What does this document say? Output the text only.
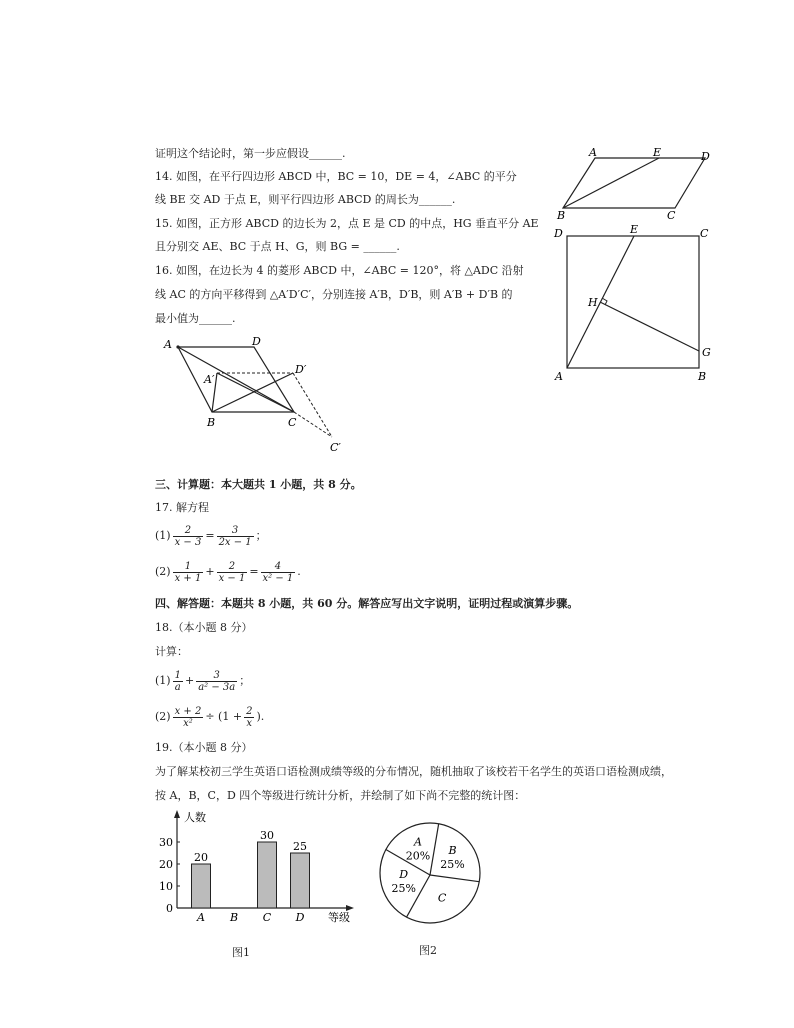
证明这个结论时，第一步应假设______.
14. 如图，在平行四边形 ABCD 中，BC = 10，DE = 4，∠ABC 的平分
线 BE 交 AD 于点 E，则平行四边形 ABCD 的周长为______.
15. 如图，正方形 ABCD 的边长为 2，点 E 是 CD 的中点，HG 垂直平分 AE
且分别交 AE、BC 于点 H、G，则 BG = ______.
16. 如图，在边长为 4 的菱形 ABCD 中，∠ABC = 120°，将 △ADC 沿射
线 AC 的方向平移得到 △A′D′C′，分别连接 A′B，D′B，则 A′B + D′B 的
最小值为______.
A	E	D
B	C
D	E	C
H
G
A	B
A	D
A′
D′
B	C
C′
三、计算题：本大题共 1 小题，共 8 分。
17. 解方程
$(1) \frac{2}{x - 3} = \frac{3}{2x - 1}$ ；
$(2) \frac{1}{x + 1} + \frac{2}{x - 1} = \frac{4}{\text{x² − 1}}$ .
四、解答题：本题共 8 小题，共 60 分。解答应写出文字说明，证明过程或演算步骤。
18.（本小题 8 分）
计算：
$(1) \frac{1}{a} + \frac{3}{\text{a² − 3a}}$ ；
$(2) \frac{x + 2}{\text{x²}} \div (1 + \frac{2}{x}$ ).
19.（本小题 8 分）
为了解某校初三学生英语口语检测成绩等级的分布情况，随机抽取了该校若干名学生的英语口语检测成绩，
按 A，B，C，D 四个等级进行统计分析，并绘制了如下尚不完整的统计图：
人数
等级
0
10
20
30
20
A B
30
C
25
D
图1
B
25%
C
D
25%
A
20%
图2
